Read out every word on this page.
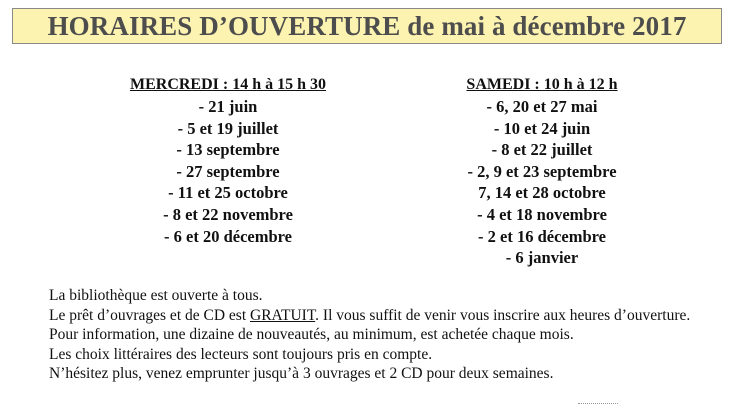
HORAIRES D’OUVERTURE de mai à décembre 2017
MERCREDI : 14 h à 15 h 30
- 21 juin
- 5 et 19 juillet
- 13 septembre
- 27 septembre
- 11 et 25 octobre
- 8 et 22 novembre
- 6 et 20 décembre
SAMEDI : 10 h à 12 h
- 6, 20 et 27 mai
- 10 et 24 juin
- 8 et 22 juillet
- 2, 9 et 23 septembre
7, 14 et 28 octobre
- 4 et 18 novembre
- 2 et 16 décembre
- 6 janvier
La bibliothèque est ouverte à tous.
Le prêt d’ouvrages et de CD est GRATUIT. Il vous suffit de venir vous inscrire aux heures d’ouverture.
Pour information, une dizaine de nouveautés, au minimum, est achetée chaque mois.
Les choix littéraires des lecteurs sont toujours pris en compte.
N’hésitez plus, venez emprunter jusqu’à 3 ouvrages et 2 CD pour deux semaines.
